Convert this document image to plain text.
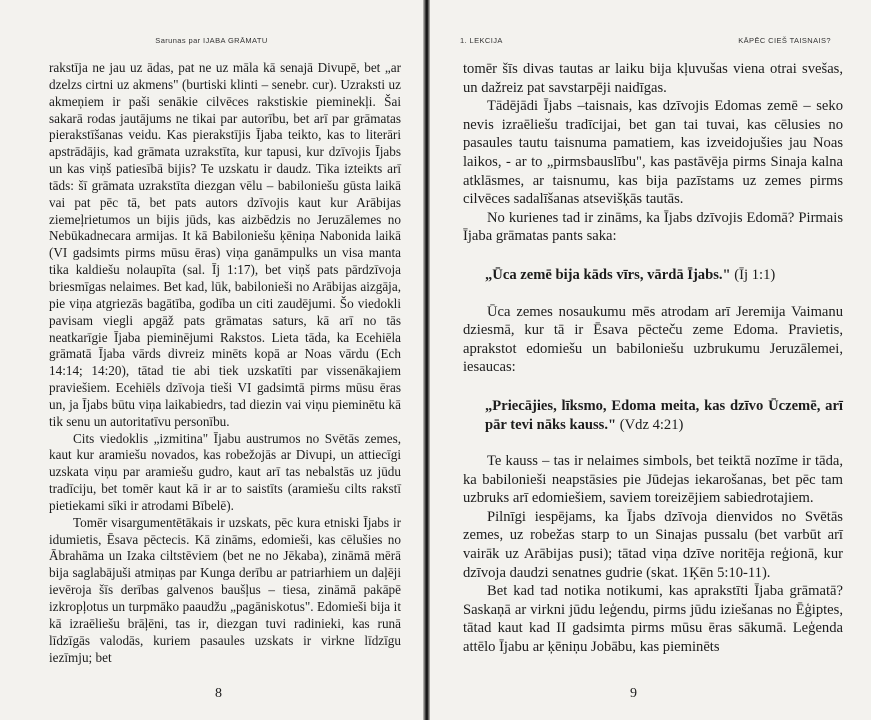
Sarunas par IJABA GRĀMATU

rakstīja ne jau uz ādas, pat ne uz māla kā senajā Divupē, bet „ar dzelzs cirtni uz akmens" (burtiski klinti – senebr. cur). Uzraksti uz akmeņiem ir paši senākie cilvēces rakstiskie pieminekļi. Šai sakarā rodas jautājums ne tikai par autorību, bet arī par grāmatas pierakstīšanas veidu. Kas pierakstījis Ījaba teikto, kas to literāri apstrādājis, kad grāmata uzrakstīta, kur tapusi, kur dzīvojis Ījabs un kas viņš patiesībā bijis? Te uzskatu ir daudz. Tika izteikts arī tāds: šī grāmata uzrakstīta diezgan vēlu – babiloniešu gūsta laikā vai pat pēc tā, bet pats autors dzīvojis kaut kur Arābijas ziemeļrietumos un bijis jūds, kas aizbēdzis no Jeruzālemes no Nebūkadnecara armijas. It kā Babiloniešu ķēniņa Nabonida laikā (VI gadsimts pirms mūsu ēras) viņa ganāmpulks un visa manta tika kaldiešu nolaupīta (sal. Īj 1:17), bet viņš pats pārdzīvoja briesmīgas nelaimes. Bet kad, lūk, babilonieši no Arābijas aizgāja, pie viņa atgriezās bagātība, godība un citi zaudējumi. Šo viedokli pavisam viegli apgāž pats grāmatas saturs, kā arī no tās neatkarīgie Ījaba pieminējumi Rakstos. Lieta tāda, ka Ecehiēla grāmatā Ījaba vārds divreiz minēts kopā ar Noas vārdu (Ech 14:14; 14:20), tātad tie abi tiek uzskatīti par vissenākajiem praviešiem. Ecehiēls dzīvoja tieši VI gadsimtā pirms mūsu ēras un, ja Ījabs būtu viņa laikabiedrs, tad diezin vai viņu pieminētu kā tik senu un autoritatīvu personību.

Cits viedoklis „izmitina" Ījabu austrumos no Svētās zemes, kaut kur aramiešu novados, kas robežojās ar Divupi, un attiecīgi uzskata viņu par aramiešu gudro, kaut arī tas nebalstās uz jūdu tradīciju, bet tomēr kaut kā ir ar to saistīts (aramiešu cilts rakstī pietiekami sīki ir atrodami Bībelē).

Tomēr visargumentētākais ir uzskats, pēc kura etniski Ījabs ir idumietis, Ēsava pēctecis. Kā zināms, edomieši, kas cēlušies no Ābrahāma un Izaka ciltstēviem (bet ne no Jēkaba), zināmā mērā bija saglabājuši atmiņas par Kunga derību ar patriarhiem un daļēji ievēroja šīs derības galvenos baušļus – tiesa, zināmā pakāpē izkropļotus un turpmāko paaudžu „pagāniskotus". Edomieši bija it kā izraēliešu brāļēni, tas ir, diezgan tuvi radinieki, kas runā līdzīgās valodās, kuriem pasaules uzskats ir virkne līdzīgu iezīmju; bet

8
1. LEKCIJA	KĀPĒC CIEŠ TAISNAIS?

tomēr šīs divas tautas ar laiku bija kļuvušas viena otrai svešas, un dažreiz pat savstarpēji naidīgas.

Tādējādi Ījabs –taisnais, kas dzīvojis Edomas zemē – seko nevis izraēliešu tradīcijai, bet gan tai tuvai, kas cēlusies no pasaules tautu taisnuma pamatiem, kas izveidojušies jau Noas laikos, - ar to „pirmsbauslību", kas pastāvēja pirms Sinaja kalna atklāsmes, ar taisnumu, kas bija pazīstams uz zemes pirms cilvēces sadalīšanas atsevišķās tautās.

No kurienes tad ir zināms, ka Ījabs dzīvojis Edomā? Pirmais Ījaba grāmatas pants saka:

„Ūca zemē bija kāds vīrs, vārdā Ījabs." (Īj 1:1)

Ūca zemes nosaukumu mēs atrodam arī Jeremija Vaimanu dziesmā, kur tā ir Ēsava pēcteču zeme Edoma. Pravietis, aprakstot edomiešu un babiloniešu uzbrukumu Jeruzālemei, iesaucas:

„Priecājies, līksmo, Edoma meita, kas dzīvo Ūczemē, arī pār tevi nāks kauss." (Vdz 4:21)

Te kauss – tas ir nelaimes simbols, bet teiktā nozīme ir tāda, ka babilonieši neapstāsies pie Jūdejas iekarošanas, bet pēc tam uzbruks arī edomiešiem, saviem toreizējiem sabiedrotajiem.

Pilnīgi iespējams, ka Ījabs dzīvoja dienvidos no Svētās zemes, uz robežas starp to un Sinajas pussalu (bet varbūt arī vairāk uz Arābijas pusi); tātad viņa dzīve noritēja reģionā, kur dzīvoja daudzi senatnes gudrie (skat. 1Ķēn 5:10-11).

Bet kad tad notika notikumi, kas aprakstīti Ījaba grāmatā? Saskaņā ar virkni jūdu leģendu, pirms jūdu iziešanas no Ēģiptes, tātad kaut kad II gadsimta pirms mūsu ēras sākumā. Leģenda attēlo Ījabu ar ķēniņu Jobābu, kas pieminēts

9
